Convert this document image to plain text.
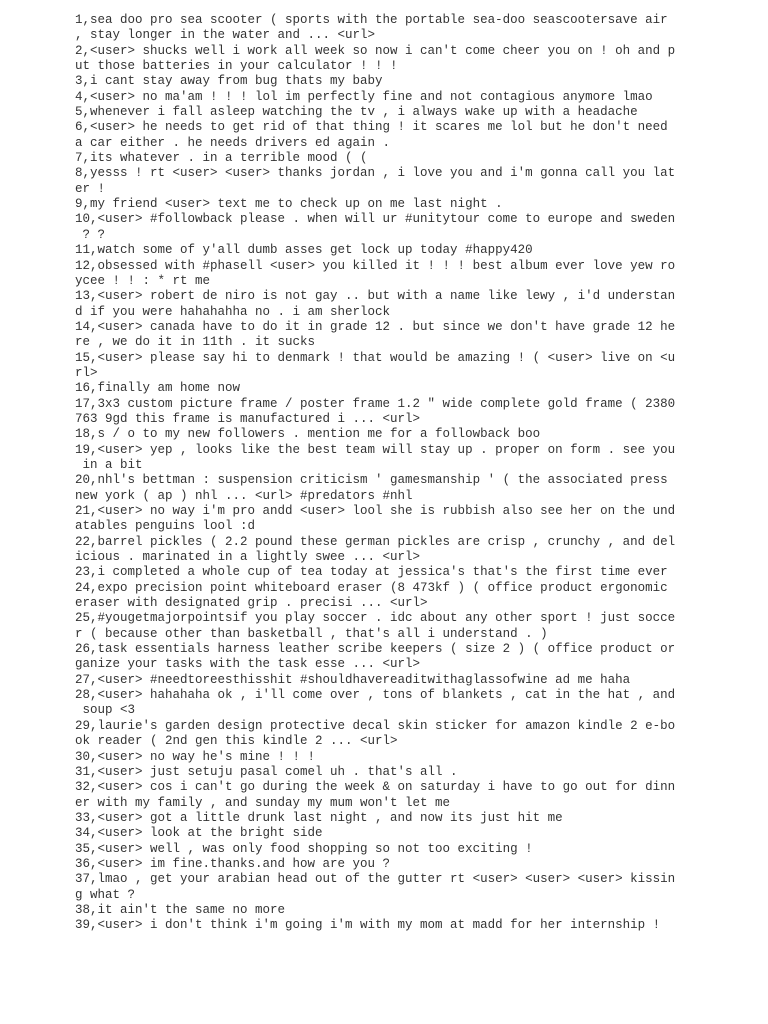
1,sea doo pro sea scooter ( sports with the portable sea-doo seascootersave air
, stay longer in the water and ... <url>
2,<user> shucks well i work all week so now i can't come cheer you on ! oh and p
ut those batteries in your calculator ! ! !
3,i cant stay away from bug thats my baby
4,<user> no ma'am ! ! ! lol im perfectly fine and not contagious anymore lmao
5,whenever i fall asleep watching the tv , i always wake up with a headache
6,<user> he needs to get rid of that thing ! it scares me lol but he don't need
a car either . he needs drivers ed again .
7,its whatever . in a terrible mood ( (
8,yesss ! rt <user> <user> thanks jordan , i love you and i'm gonna call you lat
er !
9,my friend <user> text me to check up on me last night .
10,<user> #followback please . when will ur #unitytour come to europe and sweden
? ?
11,watch some of y'all dumb asses get lock up today #happy420
12,obsessed with #phasell <user> you killed it ! ! ! best album ever love yew ro
ycee ! ! : * rt me
13,<user> robert de niro is not gay .. but with a name like lewy , i'd understan
d if you were hahahahha no . i am sherlock
14,<user> canada have to do it in grade 12 . but since we don't have grade 12 he
re , we do it in 11th . it sucks
15,<user> please say hi to denmark ! that would be amazing ! ( <user> live on <u
rl>
16,finally am home now
17,3x3 custom picture frame / poster frame 1.2 " wide complete gold frame ( 2380
763 9gd this frame is manufactured i ... <url>
18,s / o to my new followers . mention me for a followback boo
19,<user> yep , looks like the best team will stay up . proper on form . see you
in a bit
20,nhl's bettman : suspension criticism ' gamesmanship ' ( the associated press
new york ( ap ) nhl ... <url> #predators #nhl
21,<user> no way i'm pro andd <user> lool she is rubbish also see her on the und
atables penguins lool :d
22,barrel pickles ( 2.2 pound these german pickles are crisp , crunchy , and del
icious . marinated in a lightly swee ... <url>
23,i completed a whole cup of tea today at jessica's that's the first time ever
24,expo precision point whiteboard eraser (8 473kf ) ( office product ergonomic
eraser with designated grip . precisi ... <url>
25,#yougetmajorpointsif you play soccer . idc about any other sport ! just socce
r ( because other than basketball , that's all i understand . )
26,task essentials harness leather scribe keepers ( size 2 ) ( office product or
ganize your tasks with the task esse ... <url>
27,<user> #needtoreesthisshit #shouldhavereaditwithaglassofwine ad me haha
28,<user> hahahaha ok , i'll come over , tons of blankets , cat in the hat , and
soup <3
29,laurie's garden design protective decal skin sticker for amazon kindle 2 e-bo
ok reader ( 2nd gen this kindle 2 ... <url>
30,<user> no way he's mine ! ! !
31,<user> just setuju pasal comel uh . that's all .
32,<user> cos i can't go during the week & on saturday i have to go out for dinn
er with my family , and sunday my mum won't let me
33,<user> got a little drunk last night , and now its just hit me
34,<user> look at the bright side
35,<user> well , was only food shopping so not too exciting !
36,<user> im fine.thanks.and how are you ?
37,lmao , get your arabian head out of the gutter rt <user> <user> <user> kissin
g what ?
38,it ain't the same no more
39,<user> i don't think i'm going i'm with my mom at madd for her internship !
